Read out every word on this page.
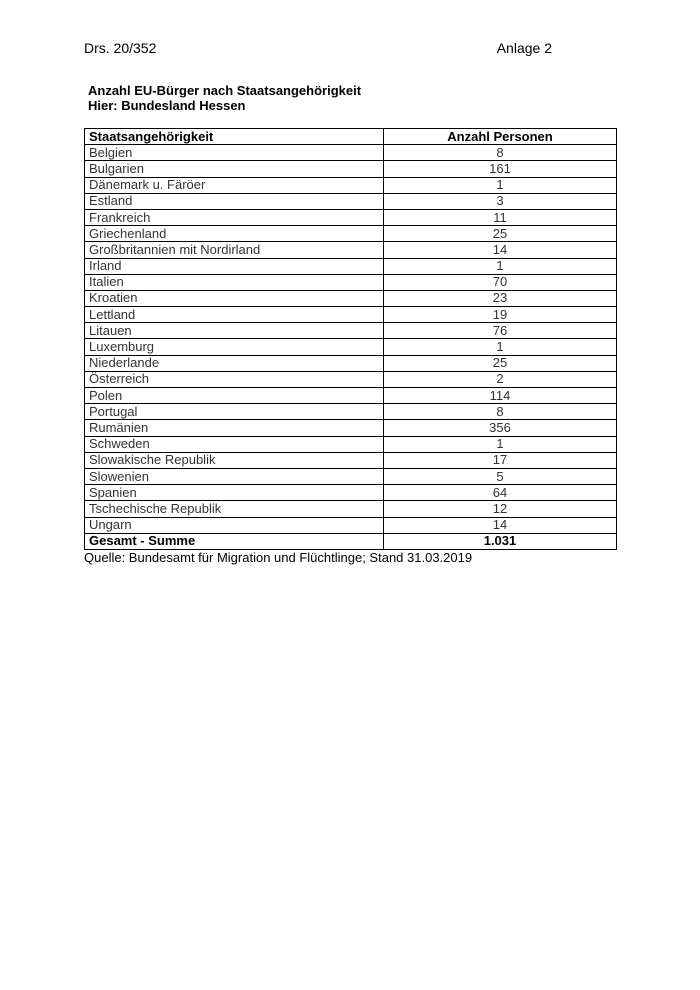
Drs. 20/352	Anlage 2
Anzahl EU-Bürger nach Staatsangehörigkeit
Hier: Bundesland Hessen
Staatsangehörigkeit	Anzahl Personen
Belgien	8
Bulgarien	161
Dänemark u. Färöer	1
Estland	3
Frankreich	11
Griechenland	25
Großbritannien mit Nordirland	14
Irland	1
Italien	70
Kroatien	23
Lettland	19
Litauen	76
Luxemburg	1
Niederlande	25
Österreich	2
Polen	114
Portugal	8
Rumänien	356
Schweden	1
Slowakische Republik	17
Slowenien	5
Spanien	64
Tschechische Republik	12
Ungarn	14
Gesamt - Summe	1.031
Quelle: Bundesamt für Migration und Flüchtlinge; Stand 31.03.2019
